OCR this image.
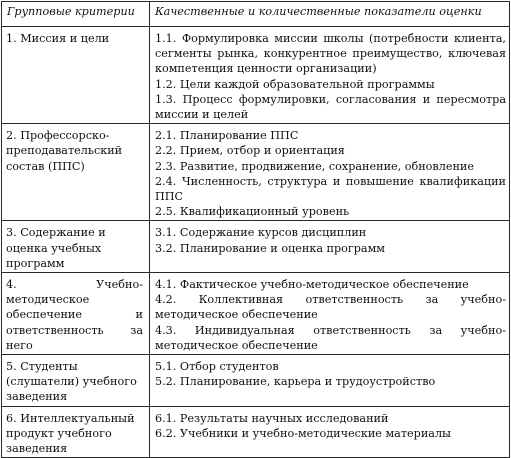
Групповые критерии	Качественные и количественные показатели оценки
1. Миссия и цели	1.1. Формулировка миссии школы (потребности клиента, сегменты рынка, конкурентное преимущество, ключевая компетенция ценности организации)
1.2. Цели каждой образовательной программы
1.3. Процесс формулировки, согласования и пересмотра миссии и целей

2. Профессорско-преподавательский состав (ППС)	2.1. Планирование ППС
2.2. Прием, отбор и ориентация
2.3. Развитие, продвижение, сохранение, обновление
2.4. Численность, структура и повышение квалификации ППС
2.5. Квалификационный уровень

3. Содержание и оценка учебных программ	3.1. Содержание курсов дисциплин
3.2. Планирование и оценка программ

4. Учебно-методическое обеспечение и ответственность за него	4.1. Фактическое учебно-методическое обеспечение
4.2. Коллективная ответственность за учебно-методическое обеспечение
4.3. Индивидуальная ответственность за учебно-методическое обеспечение

5. Студенты (слушатели) учебного заведения	5.1. Отбор студентов
5.2. Планирование, карьера и трудоустройство

6. Интеллектуальный продукт учебного заведения	6.1. Результаты научных исследований
6.2. Учебники и учебно-методические материалы
